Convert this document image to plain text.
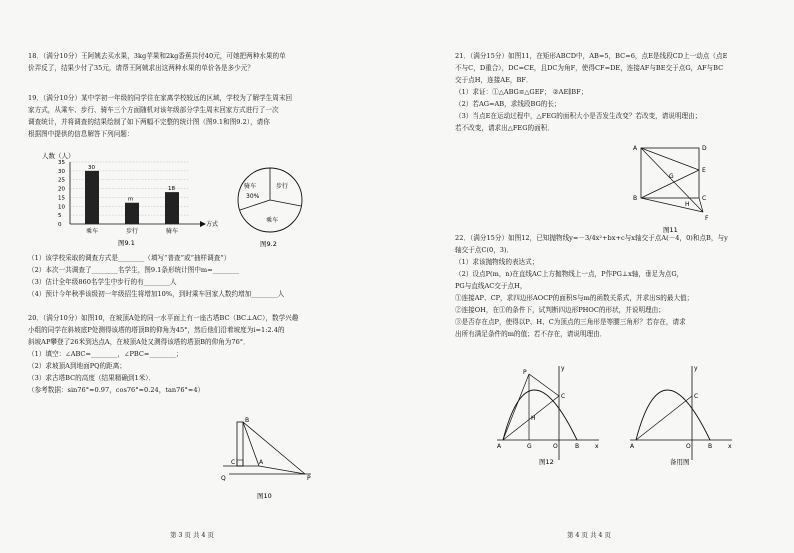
18．（满分10分）王阿姨去买水果，3kg苹果和2kg香蕉共付40元，可她把两种水果的单
价弄反了，结果少付了35元，请帮王阿姨求出这两种水果的单价各是多少元？
19．（满分10分）某中学初一年级的同学住在家离学校较远的区域，学校为了解学生周末回
家方式，从乘车、步行、骑车三个方面随机对该年级部分学生周末回家方式进行了一次
调查统计，并将调查的结果绘制了如下两幅不完整的统计图（图9.1和图9.2），请你
根据图中提供的信息解答下列问题：
人数（人）
35
30
25
20
15
10
5
0
30
乘车
m
步行
18
骑车
方式
图9.1
骑车
30%
步行
乘车
图9.2
（1）该学校采取的调查方式是________（填写“普查”或“抽样调查”）
（2）本次一共调查了________名学生，图9.1条形统计图中m=________
（3）估计全年级860名学生中步行的有________人
（4）预计今年秋季该级初一年级招生将增加10%，到时乘车回家人数约增加________人
20．（满分10分）如图10，在坡顶A处的同一水平面上有一座古塔BC（BC⊥AC），数学兴趣
小组的同学在斜坡底P处测得该塔的塔顶B的仰角为45°，然后他们沿着坡度为i=1:2.4的
斜坡AP攀登了26米到达点A，在坡顶A处又测得该塔的塔顶B的仰角为76°．
（1）填空：∠ABC=________，∠PBC=________；
（2）求坡顶A到地面PQ的距离；
（3）求古塔BC的高度（结果精确到1米）．
（参考数据：sin76°≈0.97，cos76°≈0.24，tan76°≈4）
B
C	A
Q	P
图10
第 3 页 共 4 页
21．（满分15分）如图11，在矩形ABCD中，AB=5，BC=6，点E是线段CD上一动点（点E
不与C，D重合），DC=CE，且DC为角F，使得CF=DE，连接AF与BE交于点G，AF与BC
交于点H，连接AE，BF．
（1）求证：①△ABG≌△GEF； ②AE∥BF；
（2）若AG=AB，求线段BG的长；
（3）当点E在运动过程中，△FEG的面积大小是否发生改变？若改变，请说明理由；
若不改变，请求出△FEG的面积．
A	D
G
E
B
H
C
F
图11
22．（满分15分）如图12，已知抛物线y=－3/4x²+bx+c与x轴交于点A(－4，0)和点B，与y
轴交于点C(0，3)．
（1）求该抛物线的表达式；
（2）设点P(m，n)在直线AC上方抛物线上一点，P作PG⊥x轴，垂足为点G，
PG与直线AC交于点H，
①连接AP、CP，求四边形AOCP的面积S与m的函数关系式，并求出S的最大值；
②连接OH，在①的条件下，试判断四边形PHOC的形状，并说明理由；
③是否存在点P，使得以P、H、C为顶点的三角形是等腰三角形？若存在，请求
出所有满足条件的m的值；若不存在，请说明理由．
y
P
C
H
A	G	O	B	x
图12
y
C
A	O	B	x
备用图
第 4 页 共 4 页
